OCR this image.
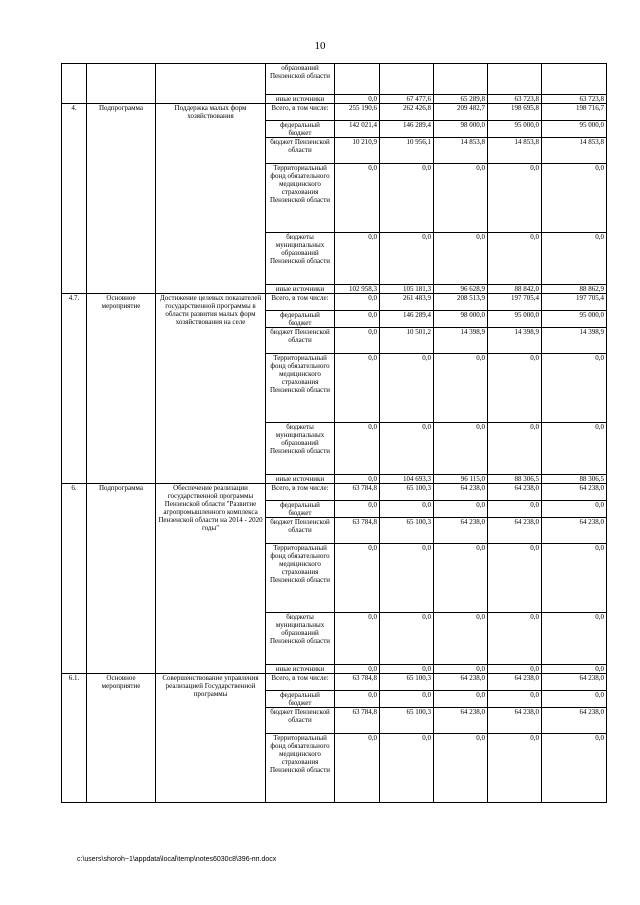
10
			образований Пензенской области					
			иные источники	0,0	67 477,6	65 289,8	63 723,8	63 723,8
4.	Подпрограмма	Поддержка малых форм хозяйствования	Всего, в том числе:	255 190,6	262 426,8	209 482,7	198 695,8	198 716,7
			федеральный бюджет	142 021,4	146 289,4	98 000,0	95 000,0	95 000,0
			бюджет Пензенской области	10 210,9	10 956,1	14 853,8	14 853,8	14 853,8
			Территориальный фонд обязательного медицинского страхования Пензенской области	0,0	0,0	0,0	0,0	0,0
			бюджеты муниципальных образований Пензенской области	0,0	0,0	0,0	0,0	0,0
			иные источники	102 958,3	105 181,3	96 628,9	88 842,0	88 862,9
4.7.	Основное мероприятие	Достижение целевых показателей государственной программы в области развития малых форм хозяйствования на селе	Всего, в том числе:	0,0	261 483,9	208 513,9	197 705,4	197 705,4
			федеральный бюджет	0,0	146 289,4	98 000,0	95 000,0	95 000,0
			бюджет Пензенской области	0,0	10 501,2	14 398,9	14 398,9	14 398,9
			Территориальный фонд обязательного медицинского страхования Пензенской области	0,0	0,0	0,0	0,0	0,0
			бюджеты муниципальных образований Пензенской области	0,0	0,0	0,0	0,0	0,0
			иные источники	0,0	104 693,3	96 115,0	88 306,5	88 306,5
6.	Подпрограмма	Обеспечение реализации государственной программы Пензенской области "Развитие агропромышленного комплекса Пензенской области на 2014 - 2020 годы"	Всего, в том числе:	63 784,8	65 100,3	64 238,0	64 238,0	64 238,0
			федеральный бюджет	0,0	0,0	0,0	0,0	0,0
			бюджет Пензенской области	63 784,8	65 100,3	64 238,0	64 238,0	64 238,0
			Территориальный фонд обязательного медицинского страхования Пензенской области	0,0	0,0	0,0	0,0	0,0
			бюджеты муниципальных образований Пензенской области	0,0	0,0	0,0	0,0	0,0
			иные источники	0,0	0,0	0,0	0,0	0,0
6.1.	Основное мероприятие	Совершенствование управления реализацией Государственной программы	Всего, в том числе:	63 784,8	65 100,3	64 238,0	64 238,0	64 238,0
			федеральный бюджет	0,0	0,0	0,0	0,0	0,0
			бюджет Пензенской области	63 784,8	65 100,3	64 238,0	64 238,0	64 238,0
			Территориальный фонд обязательного медицинского страхования Пензенской области	0,0	0,0	0,0	0,0	0,0
c:\users\shoroh~1\appdata\local\temp\notes6030c8\396-пп.docx
